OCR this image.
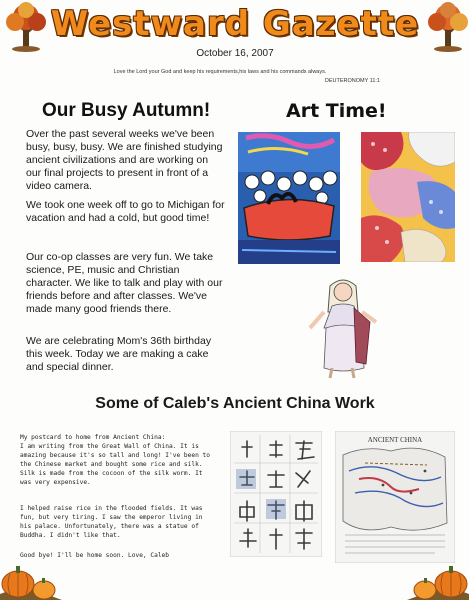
Westward Gazette
October 16, 2007
Love the Lord your God and keep his requirements,his laws and his commands always.
DEUTERONOMY 11:1
Our Busy Autumn!
Over the past several weeks we've been busy, busy, busy. We are finished studying ancient civilizations and are working on our final projects to present in front of a video camera.
We took one week off to go to Michigan for vacation and had a cold, but good time!
Our co-op classes are very fun. We take science, PE, music and Christian character. We like to talk and play with our friends before and after classes. We've made many good friends there.
We are celebrating Mom's 36th birthday this week. Today we are making a cake and special dinner.
Art Time!
Some of Caleb's Ancient China Work
My postcard to home from Ancient China:
I am writing from the Great Wall of China. It is amazing because it's so tall and long! I've been to the Chinese market and bought some rice and silk. Silk is made from the cocoon of the silk worm. It was very expensive.
I helped raise rice in the flooded fields. It was fun, but very tiring. I saw the emperor living in his palace. Unfortunately, there was a statue of Buddha. I didn't like that.
Good bye! I'll be home soon. Love, Caleb
ANCIENT CHINA
